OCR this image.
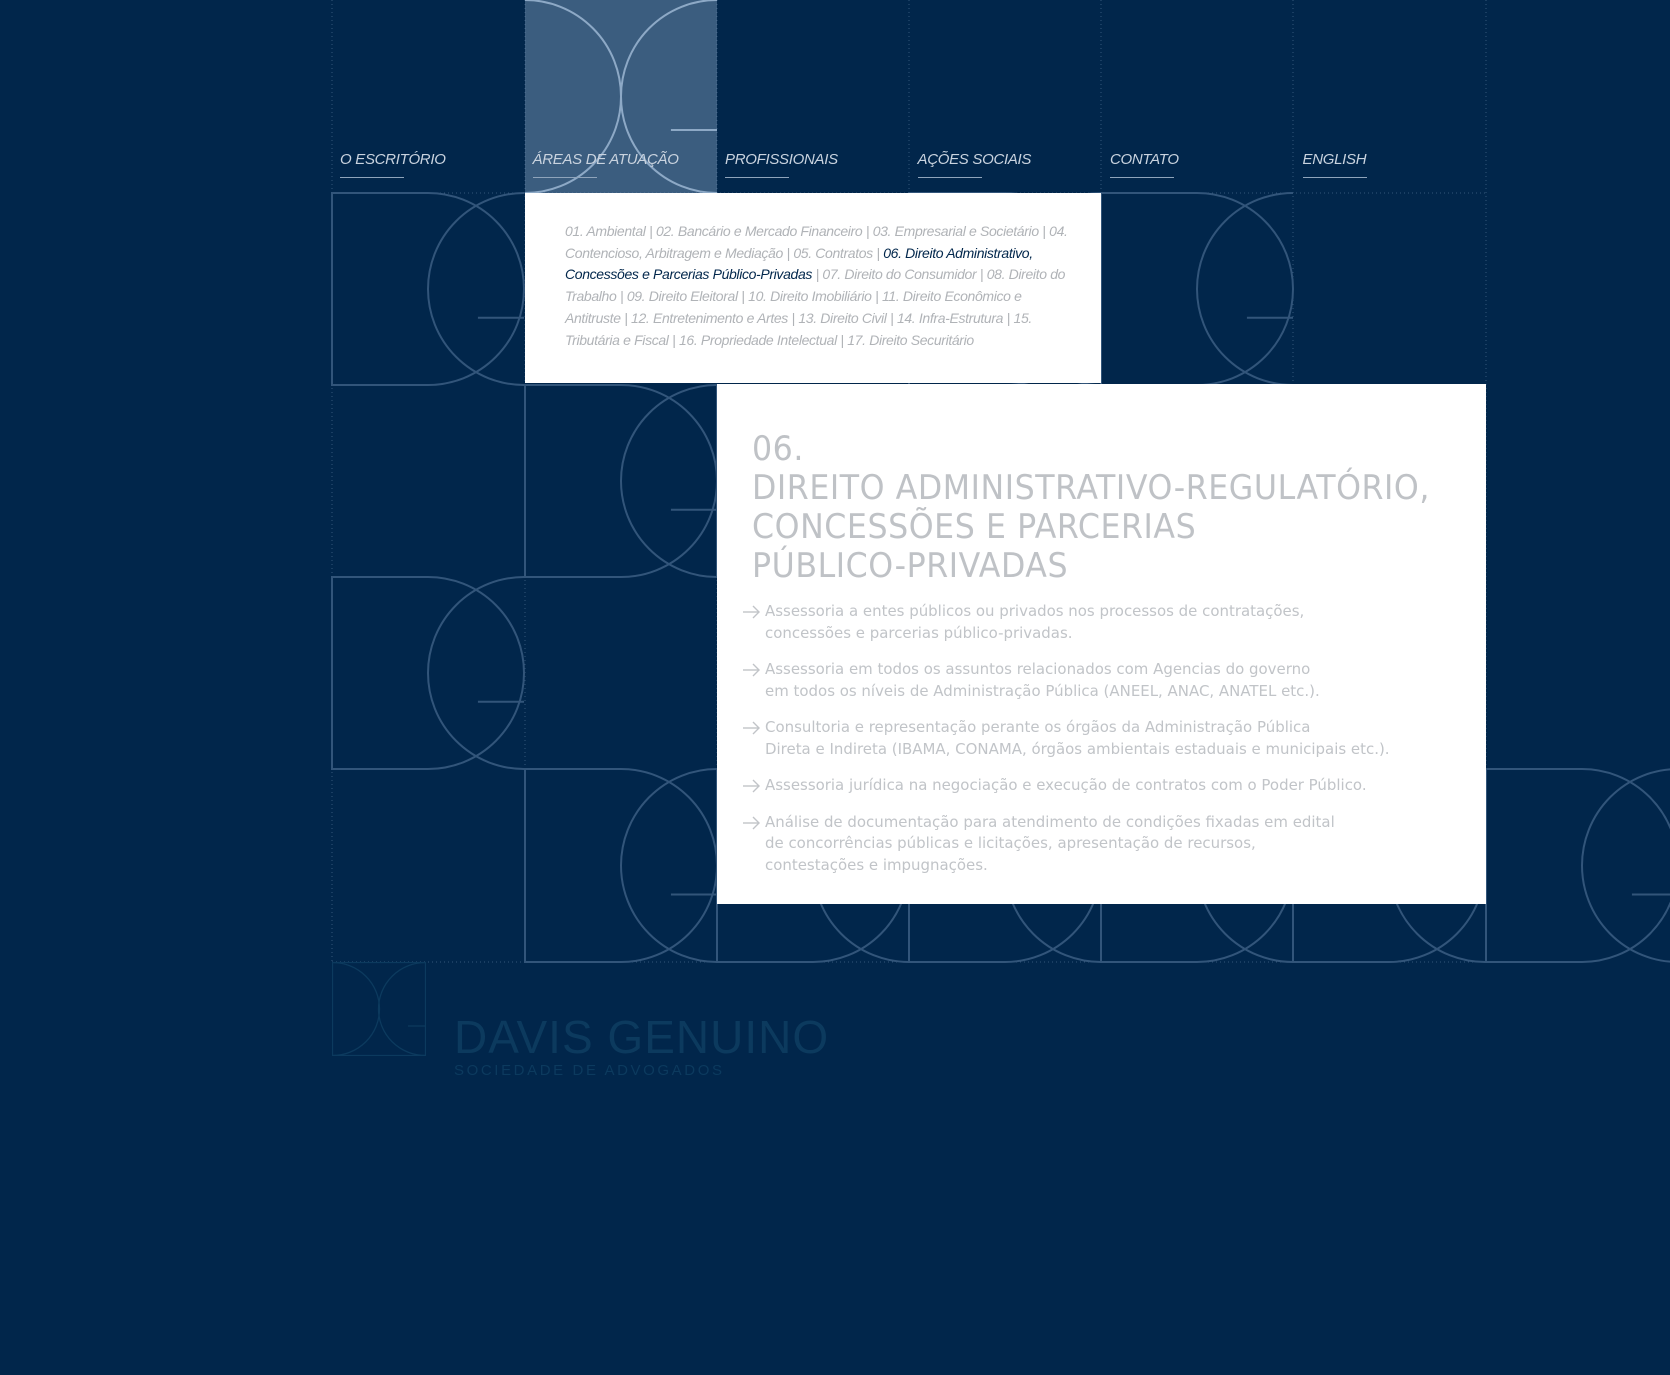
O ESCRITÓRIO	ÁREAS DE ATUAÇÃO	PROFISSIONAIS	AÇÕES SOCIAIS	CONTATO	ENGLISH
01. Ambiental | 02. Bancário e Mercado Financeiro | 03. Empresarial e Societário | 04. Contencioso, Arbitragem e Mediação | 05. Contratos | 06. Direito Administrativo, Concessões e Parcerias Público-Privadas | 07. Direito do Consumidor | 08. Direito do Trabalho | 09. Direito Eleitoral | 10. Direito Imobiliário | 11. Direito Econômico e Antitruste | 12. Entretenimento e Artes | 13. Direito Civil | 14. Infra-Estrutura | 15. Tributária e Fiscal | 16. Propriedade Intelectual | 17. Direito Securitário
06.
DIREITO ADMINISTRATIVO-REGULATÓRIO,
CONCESSÕES E PARCERIAS
PÚBLICO-PRIVADAS
Assessoria a entes públicos ou privados nos processos de contratações,
concessões e parcerias público-privadas.
Assessoria em todos os assuntos relacionados com Agencias do governo
em todos os níveis de Administração Pública (ANEEL, ANAC, ANATEL etc.).
Consultoria e representação perante os órgãos da Administração Pública
Direta e Indireta (IBAMA, CONAMA, órgãos ambientais estaduais e municipais etc.).
Assessoria jurídica na negociação e execução de contratos com o Poder Público.
Análise de documentação para atendimento de condições fixadas em edital
de concorrências públicas e licitações, apresentação de recursos,
contestações e impugnações.
DAVIS GENUINO
SOCIEDADE DE ADVOGADOS
